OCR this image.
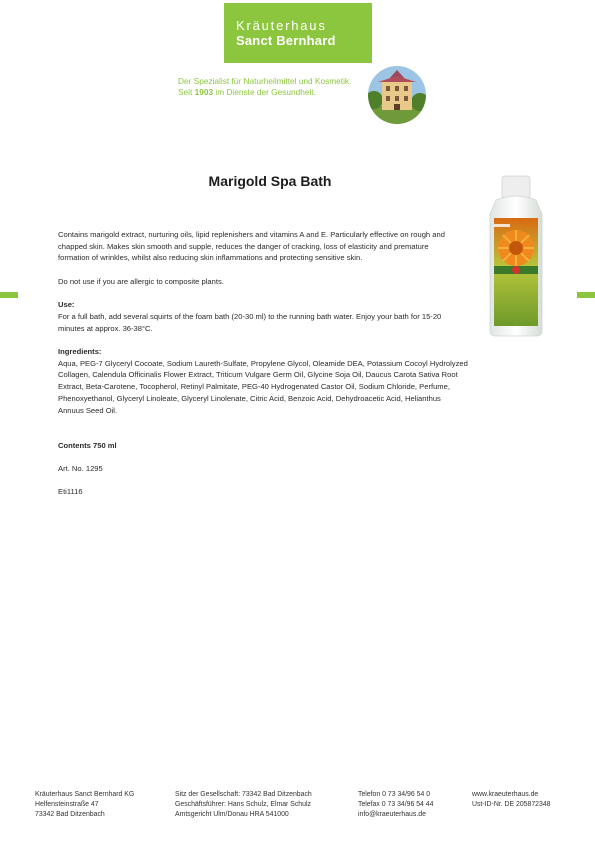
Kräuterhaus
Sanct Bernhard
Der Spezialist für Naturheilmittel und Kosmetik.
Seit 1903 im Dienste der Gesundheit.
Marigold Spa Bath

Contains marigold extract, nurturing oils, lipid replenishers and vitamins A and E. Particularly effective on rough and chapped skin. Makes skin smooth and supple, reduces the danger of cracking, loss of elasticity and premature formation of wrinkles, whilst also reducing skin inflammations and protecting sensitive skin.

Do not use if you are allergic to composite plants.

Use:

For a full bath, add several squirts of the foam bath (20-30 ml) to the running bath water. Enjoy your bath for 15-20 minutes at approx. 36-38°C.

Ingredients:

Aqua, PEG-7 Glyceryl Cocoate, Sodium Laureth-Sulfate, Propylene Glycol, Oleamide DEA, Potassium Cocoyl Hydrolyzed Collagen, Calendula Officinalis Flower Extract, Triticum Vulgare Germ Oil, Glycine Soja Oil, Daucus Carota Sativa Root Extract, Beta-Carotene, Tocopherol, Retinyl Palmitate, PEG-40 Hydrogenated Castor Oil, Sodium Chloride, Perfume, Phenoxyethanol, Glyceryl Linoleate, Glyceryl Linolenate, Citric Acid, Benzoic Acid, Dehydroacetic Acid, Helianthus Annuus Seed Oil.

Contents 750 ml

Art. No. 1295

Eti1116

Kräuterhaus Sanct Bernhard KG
Helfensteinstraße 47
73342 Bad Ditzenbach
Sitz der Gesellschaft: 73342 Bad Ditzenbach
Geschäftsführer: Hans Schulz, Elmar Schulz
Amtsgericht Ulm/Donau HRA 541000
Telefon 0 73 34/96 54 0
Telefax 0 73 34/96 54 44
info@kraeuterhaus.de
www.kraeuterhaus.de
Ust-ID-Nr. DE 205872348
